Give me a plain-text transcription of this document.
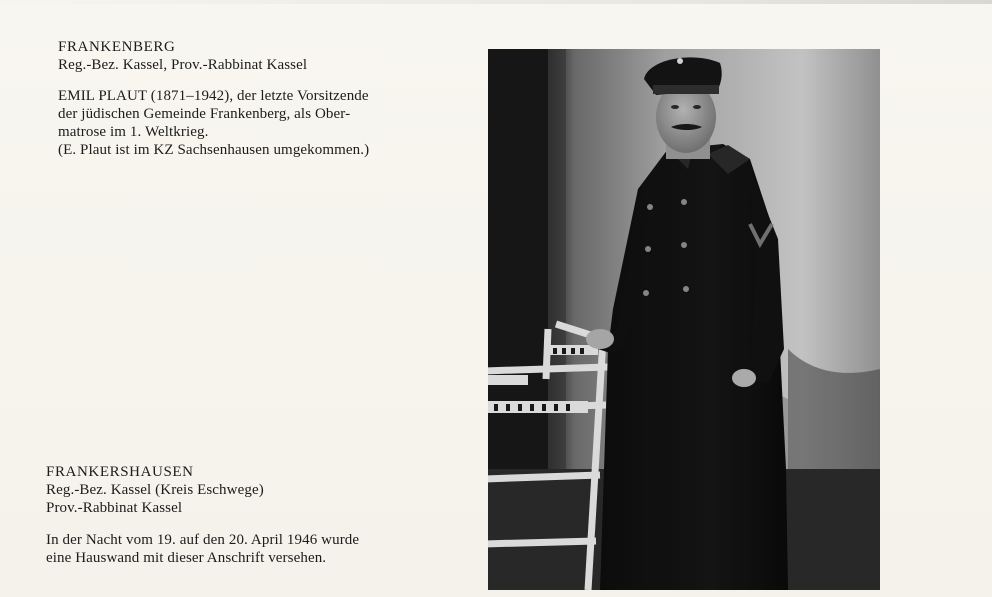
FRANKENBERG
Reg.-Bez. Kassel, Prov.-Rabbinat Kassel
EMIL PLAUT (1871–1942), der letzte Vorsitzende
der jüdischen Gemeinde Frankenberg, als Ober-
matrose im 1. Weltkrieg.
(E. Plaut ist im KZ Sachsenhausen umgekommen.)
FRANKERSHAUSEN
Reg.-Bez. Kassel (Kreis Eschwege)
Prov.-Rabbinat Kassel
In der Nacht vom 19. auf den 20. April 1946 wurde
eine Hauswand mit dieser Anschrift versehen.
